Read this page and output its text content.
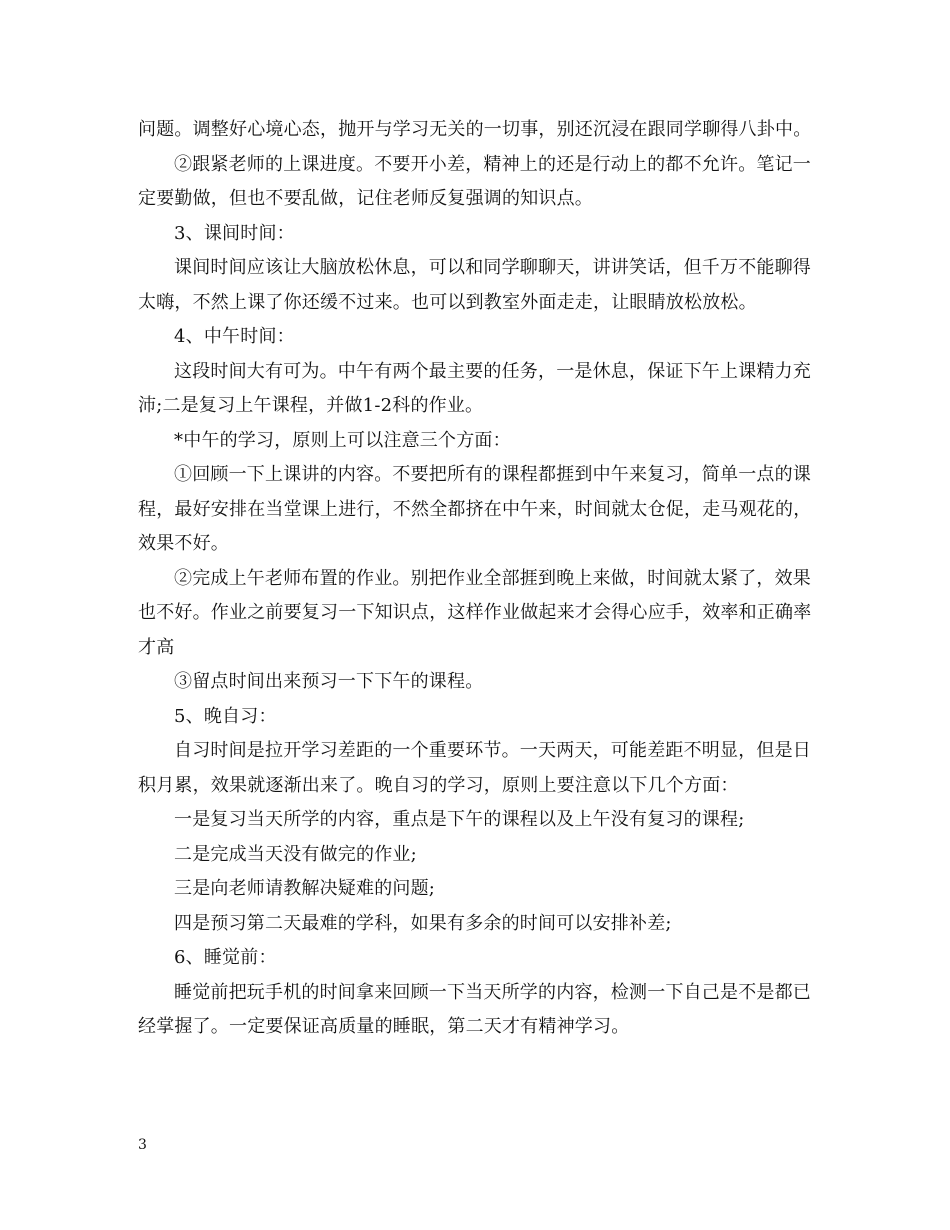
问题。调整好心境心态，抛开与学习无关的一切事，别还沉浸在跟同学聊得八卦中。

②跟紧老师的上课进度。不要开小差，精神上的还是行动上的都不允许。笔记一定要勤做，但也不要乱做，记住老师反复强调的知识点。

3、课间时间：

课间时间应该让大脑放松休息，可以和同学聊聊天，讲讲笑话，但千万不能聊得太嗨，不然上课了你还缓不过来。也可以到教室外面走走，让眼睛放松放松。

4、中午时间：

这段时间大有可为。中午有两个最主要的任务，一是休息，保证下午上课精力充沛;二是复习上午课程，并做1-2科的作业。

*中午的学习，原则上可以注意三个方面：

①回顾一下上课讲的内容。不要把所有的课程都捱到中午来复习，简单一点的课程，最好安排在当堂课上进行，不然全都挤在中午来，时间就太仓促，走马观花的，效果不好。

②完成上午老师布置的作业。别把作业全部捱到晚上来做，时间就太紧了，效果也不好。作业之前要复习一下知识点，这样作业做起来才会得心应手，效率和正确率才高

③留点时间出来预习一下下午的课程。

5、晚自习：

自习时间是拉开学习差距的一个重要环节。一天两天，可能差距不明显，但是日积月累，效果就逐渐出来了。晚自习的学习，原则上要注意以下几个方面：

一是复习当天所学的内容，重点是下午的课程以及上午没有复习的课程;

二是完成当天没有做完的作业;

三是向老师请教解决疑难的问题;

四是预习第二天最难的学科，如果有多余的时间可以安排补差;

6、睡觉前：

睡觉前把玩手机的时间拿来回顾一下当天所学的内容，检测一下自己是不是都已经掌握了。一定要保证高质量的睡眠，第二天才有精神学习。

3
